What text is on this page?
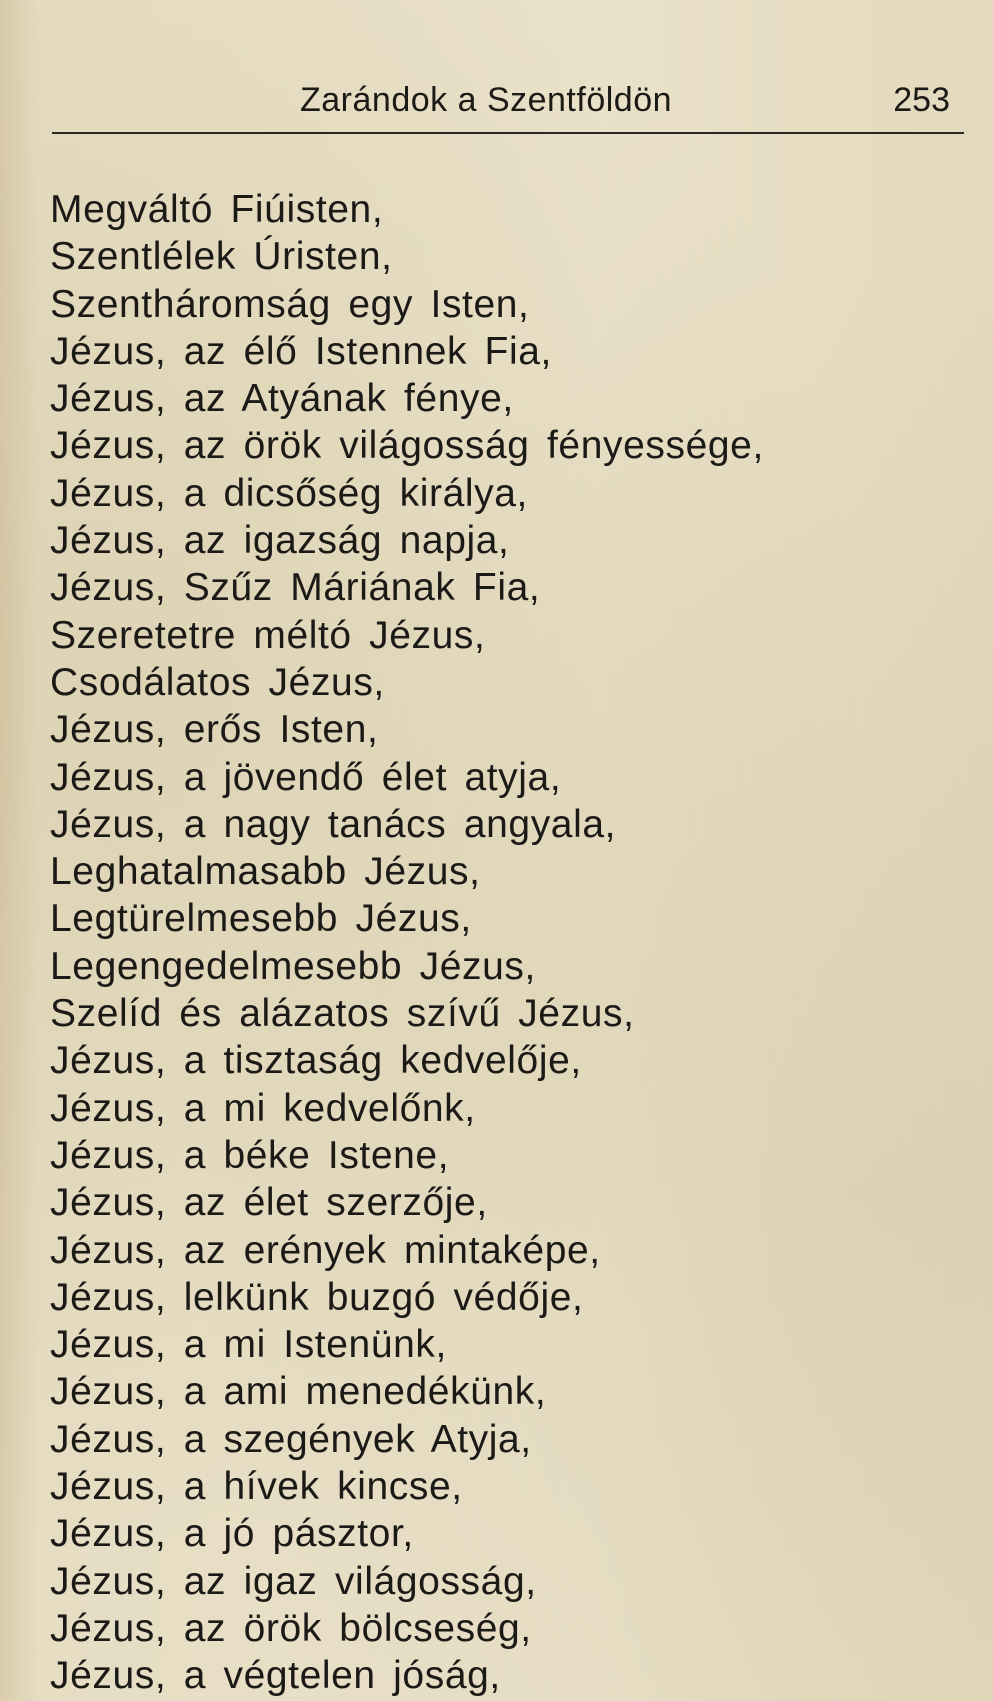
Zarándok a Szentföldön	253
Megváltó Fiúisten,
Szentlélek Úristen,
Szentháromság egy Isten,
Jézus, az élő Istennek Fia,
Jézus, az Atyának fénye,
Jézus, az örök világosság fényessége,
Jézus, a dicsőség királya,
Jézus, az igazság napja,
Jézus, Szűz Máriának Fia,
Szeretetre méltó Jézus,
Csodálatos Jézus,
Jézus, erős Isten,
Jézus, a jövendő élet atyja,
Jézus, a nagy tanács angyala,
Leghatalmasabb Jézus,
Legtürelmesebb Jézus,
Legengedelmesebb Jézus,
Szelíd és alázatos szívű Jézus,
Jézus, a tisztaság kedvelője,
Jézus, a mi kedvelőnk,
Jézus, a béke Istene,
Jézus, az élet szerzője,
Jézus, az erények mintaképe,
Jézus, lelkünk buzgó védője,
Jézus, a mi Istenünk,
Jézus, a ami menedékünk,
Jézus, a szegények Atyja,
Jézus, a hívek kincse,
Jézus, a jó pásztor,
Jézus, az igaz világosság,
Jézus, az örök bölcseség,
Jézus, a végtelen jóság,
